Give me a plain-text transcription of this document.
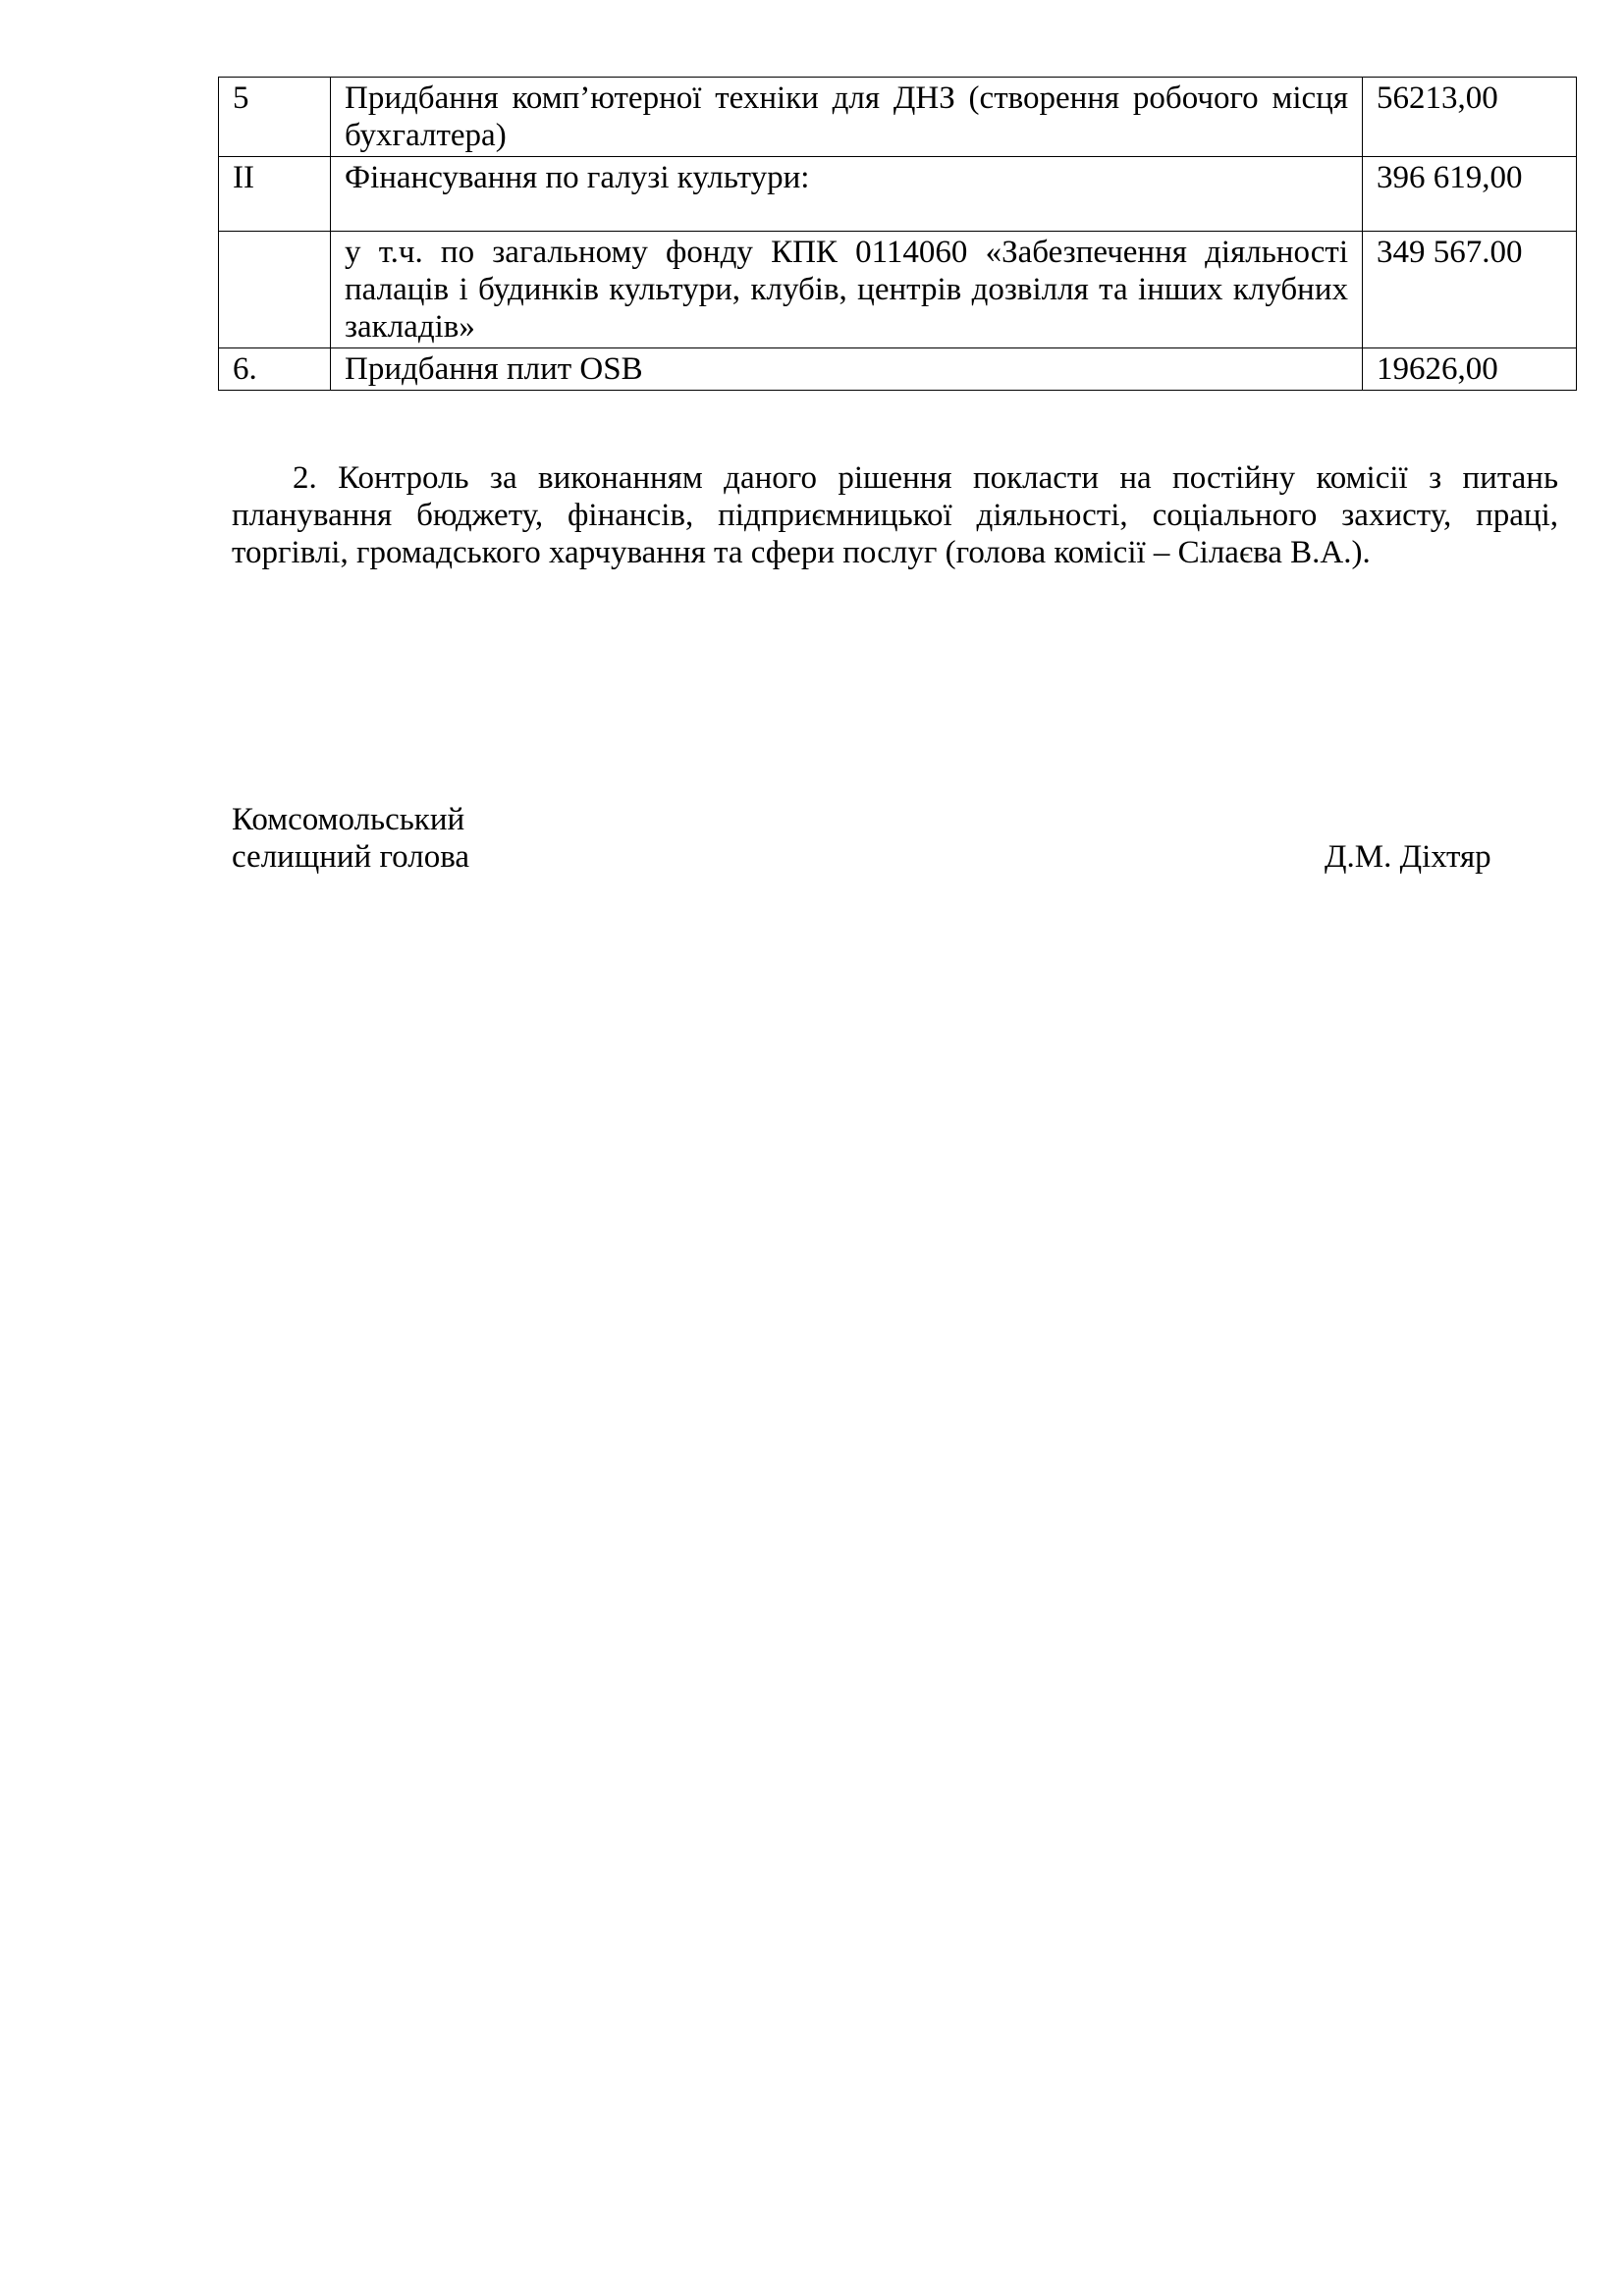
5	Придбання комп’ютерної техніки для ДНЗ (створення робочого місця бухгалтера)	56213,00
II	Фінансування по галузі культури:	396 619,00
	у т.ч. по загальному фонду КПК 0114060 «Забезпечення діяльності палаців і будинків культури, клубів, центрів дозвілля та інших клубних закладів»	349 567.00
6.	Придбання плит OSB	19626,00

2. Контроль за виконанням даного рішення покласти на постійну комісії з питань планування бюджету, фінансів, підприємницької діяльності, соціального захисту, праці, торгівлі, громадського харчування та сфери послуг (голова комісії – Сілаєва В.А.).

Комсомольський
селищний голова	Д.М. Діхтяр
